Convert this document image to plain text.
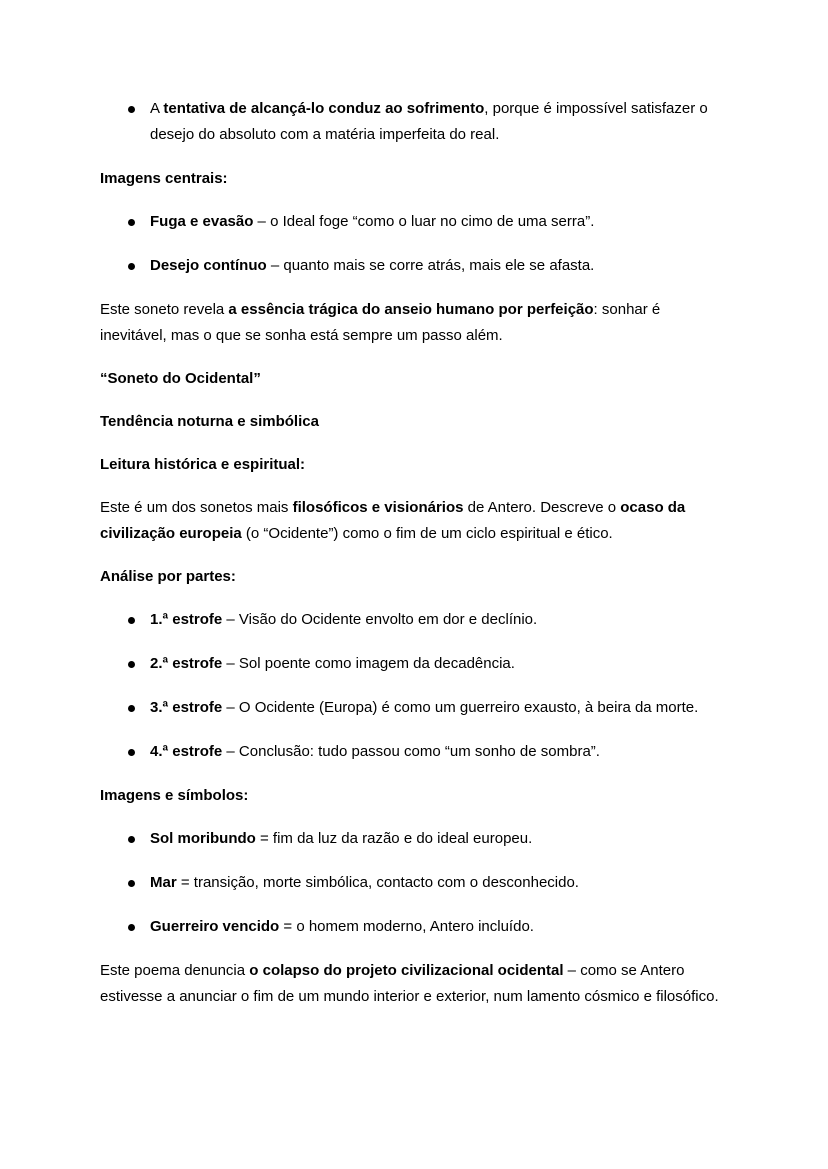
A tentativa de alcançá-lo conduz ao sofrimento, porque é impossível satisfazer o desejo do absoluto com a matéria imperfeita do real.

Imagens centrais:

Fuga e evasão – o Ideal foge “como o luar no cimo de uma serra”.
Desejo contínuo – quanto mais se corre atrás, mais ele se afasta.

Este soneto revela a essência trágica do anseio humano por perfeição: sonhar é inevitável, mas o que se sonha está sempre um passo além.

“Soneto do Ocidental”

Tendência noturna e simbólica

Leitura histórica e espiritual:

Este é um dos sonetos mais filosóficos e visionários de Antero. Descreve o ocaso da civilização europeia (o “Ocidente”) como o fim de um ciclo espiritual e ético.

Análise por partes:

1.ª estrofe – Visão do Ocidente envolto em dor e declínio.
2.ª estrofe – Sol poente como imagem da decadência.
3.ª estrofe – O Ocidente (Europa) é como um guerreiro exausto, à beira da morte.
4.ª estrofe – Conclusão: tudo passou como “um sonho de sombra”.

Imagens e símbolos:

Sol moribundo = fim da luz da razão e do ideal europeu.
Mar = transição, morte simbólica, contacto com o desconhecido.
Guerreiro vencido = o homem moderno, Antero incluído.

Este poema denuncia o colapso do projeto civilizacional ocidental – como se Antero estivesse a anunciar o fim de um mundo interior e exterior, num lamento cósmico e filosófico.
